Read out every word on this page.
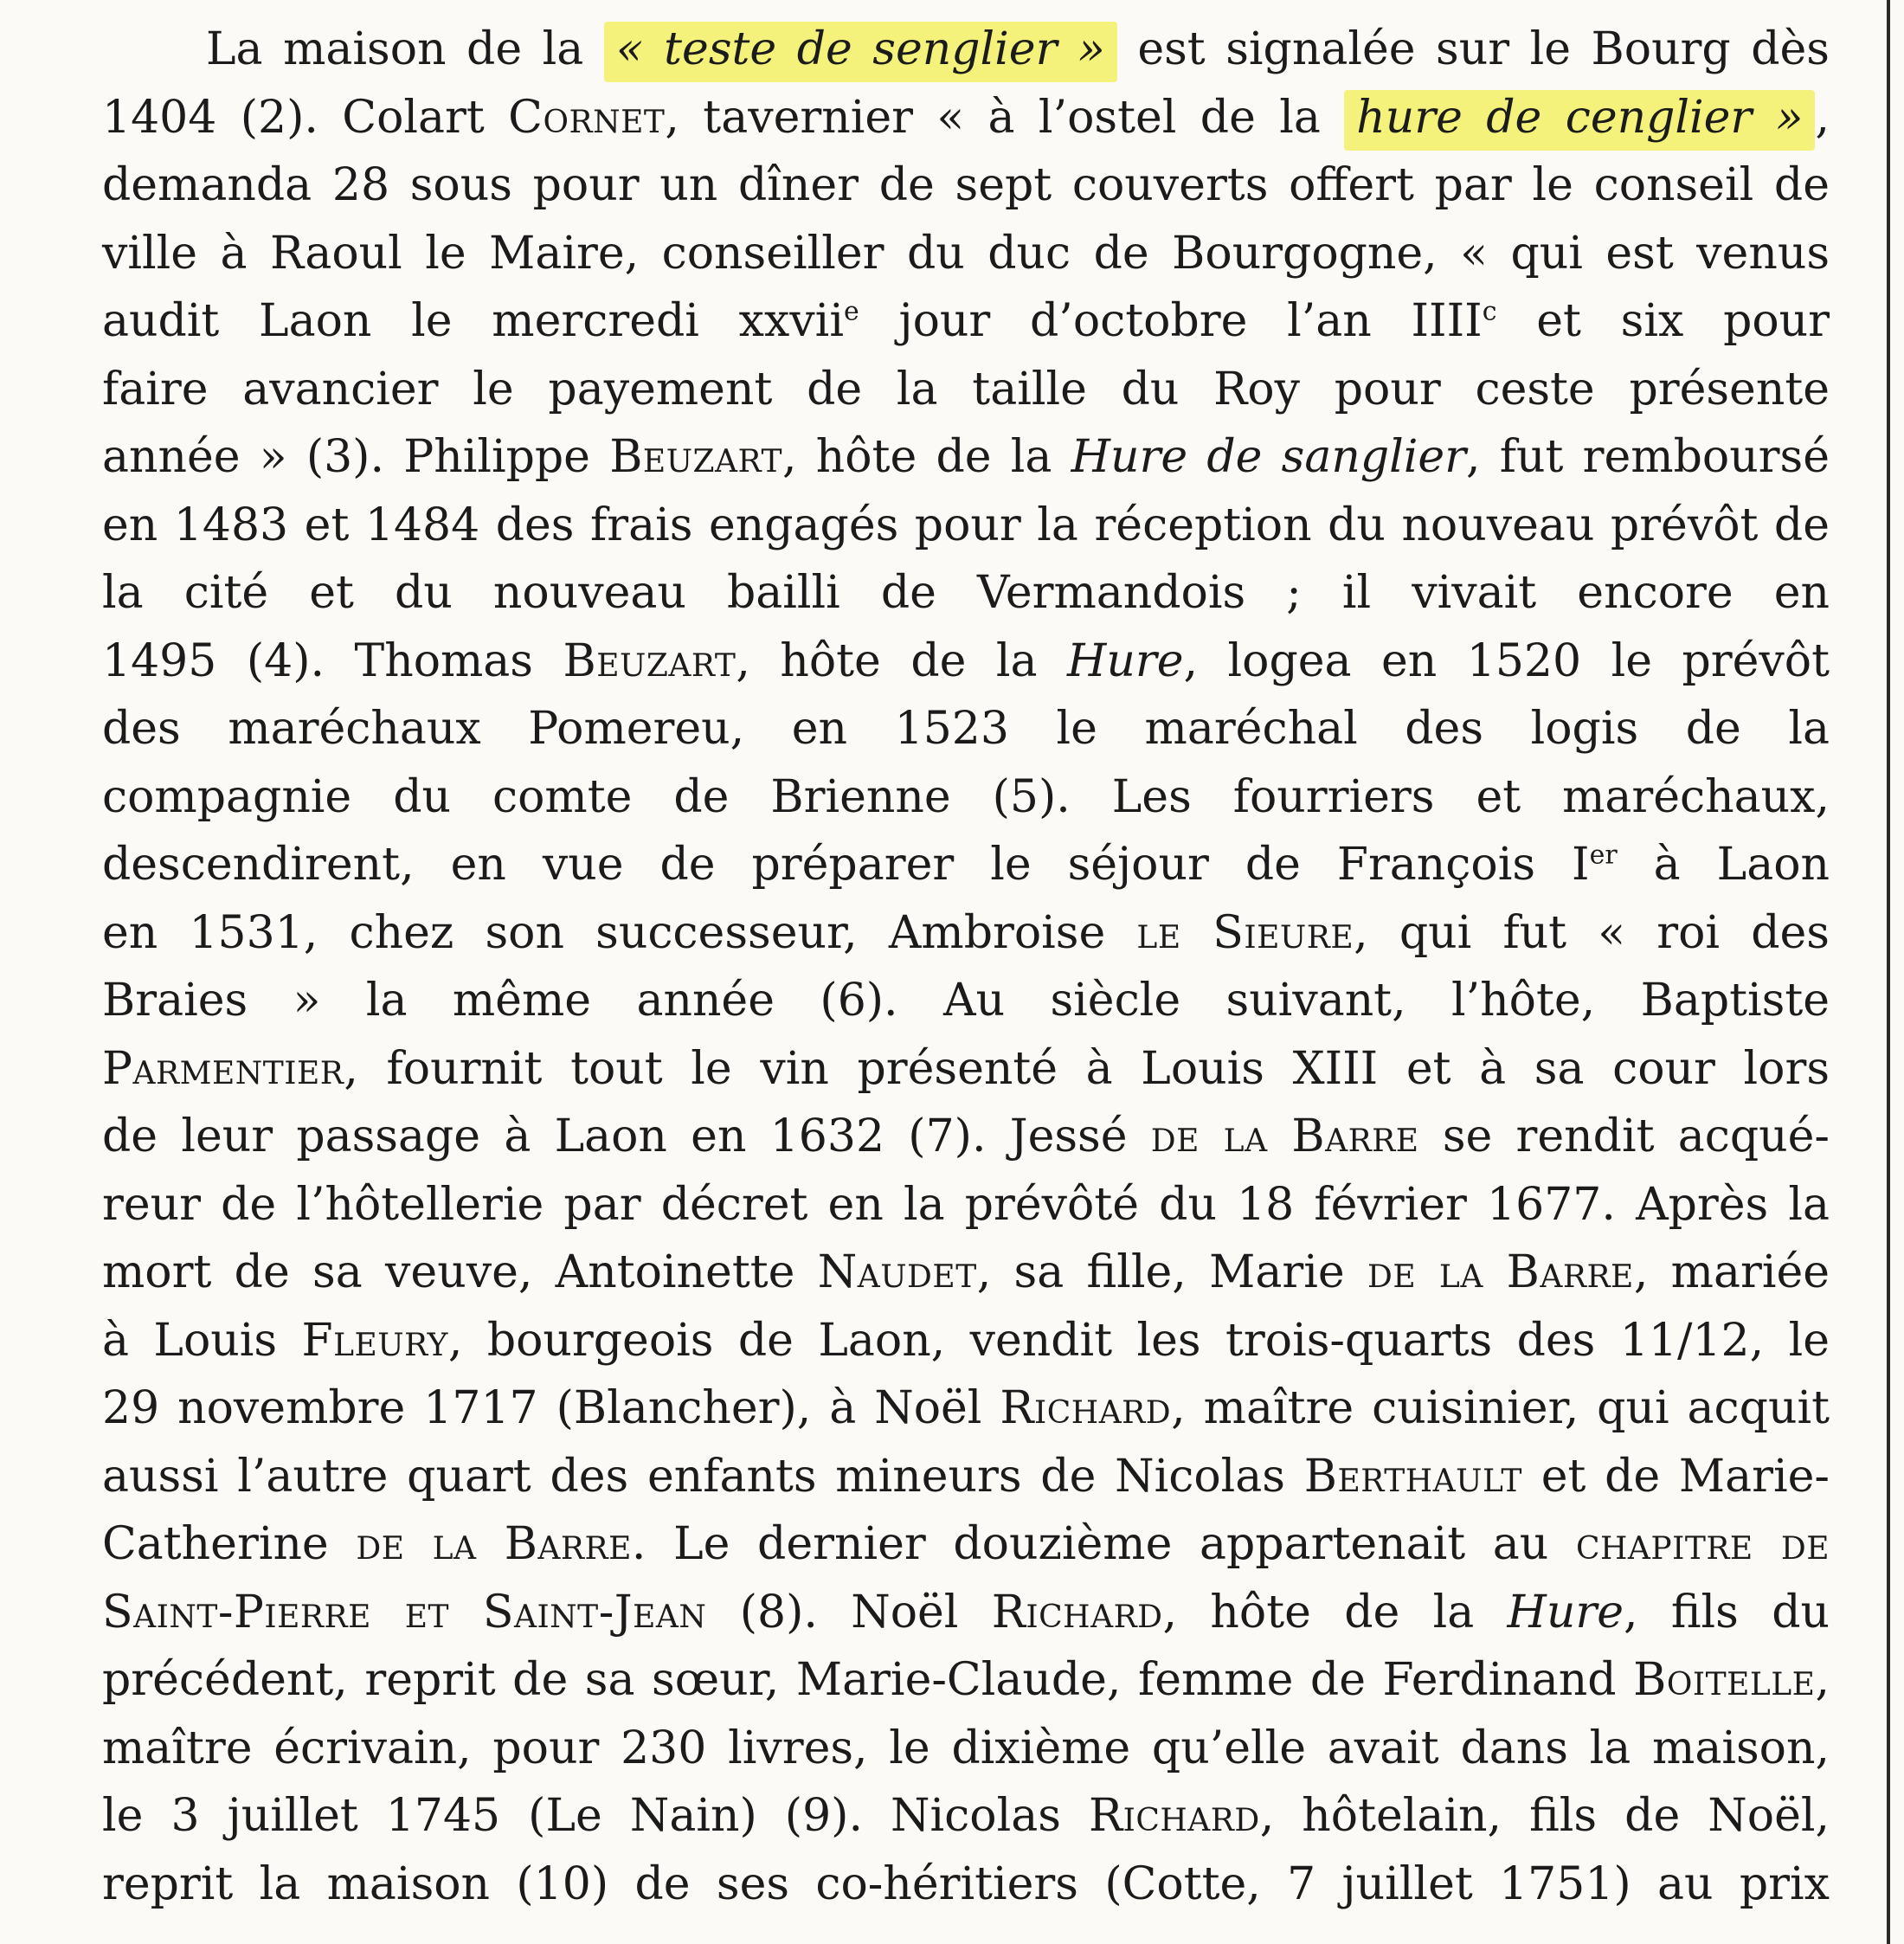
La maison de la « teste de senglier » est signalée sur le Bourg dès
1404 (2). Colart Cornet, tavernier « à l’ostel de la hure de cenglier » ,
demanda 28 sous pour un dîner de sept couverts offert par le conseil de
ville à Raoul le Maire, conseiller du duc de Bourgogne, « qui est venus
audit Laon le mercredi xxvii$^e$ jour d’octobre l’an IIII$^c$ et six pour
faire avancier le payement de la taille du Roy pour ceste présente
année » (3). Philippe Beuzart, hôte de la Hure de sanglier, fut remboursé
en 1483 et 1484 des frais engagés pour la réception du nouveau prévôt de
la cité et du nouveau bailli de Vermandois ; il vivait encore en
1495 (4). Thomas Beuzart, hôte de la Hure, logea en 1520 le prévôt
des maréchaux Pomereu, en 1523 le maréchal des logis de la
compagnie du comte de Brienne (5). Les fourriers et maréchaux,
descendirent, en vue de préparer le séjour de François Ier à Laon
en 1531, chez son successeur, Ambroise le Sieure, qui fut « roi des
Braies » la même année (6). Au siècle suivant, l’hôte, Baptiste
Parmentier, fournit tout le vin présenté à Louis XIII et à sa cour lors
de leur passage à Laon en 1632 (7). Jessé de la Barre se rendit acqué-
reur de l’hôtellerie par décret en la prévôté du 18 février 1677. Après la
mort de sa veuve, Antoinette Naudet, sa fille, Marie de la Barre, mariée
à Louis Fleury, bourgeois de Laon, vendit les trois-quarts des 11/12, le
29 novembre 1717 (Blancher), à Noël Richard, maître cuisinier, qui acquit
aussi l’autre quart des enfants mineurs de Nicolas Berthault et de Marie-
Catherine de la Barre. Le dernier douzième appartenait au chapitre de
Saint-Pierre et Saint-Jean (8). Noël Richard, hôte de la Hure, fils du
précédent, reprit de sa sœur, Marie-Claude, femme de Ferdinand Boitelle,
maître écrivain, pour 230 livres, le dixième qu’elle avait dans la maison,
le 3 juillet 1745 (Le Nain) (9). Nicolas Richard, hôtelain, fils de Noël,
reprit la maison (10) de ses co-héritiers (Cotte, 7 juillet 1751) au prix
